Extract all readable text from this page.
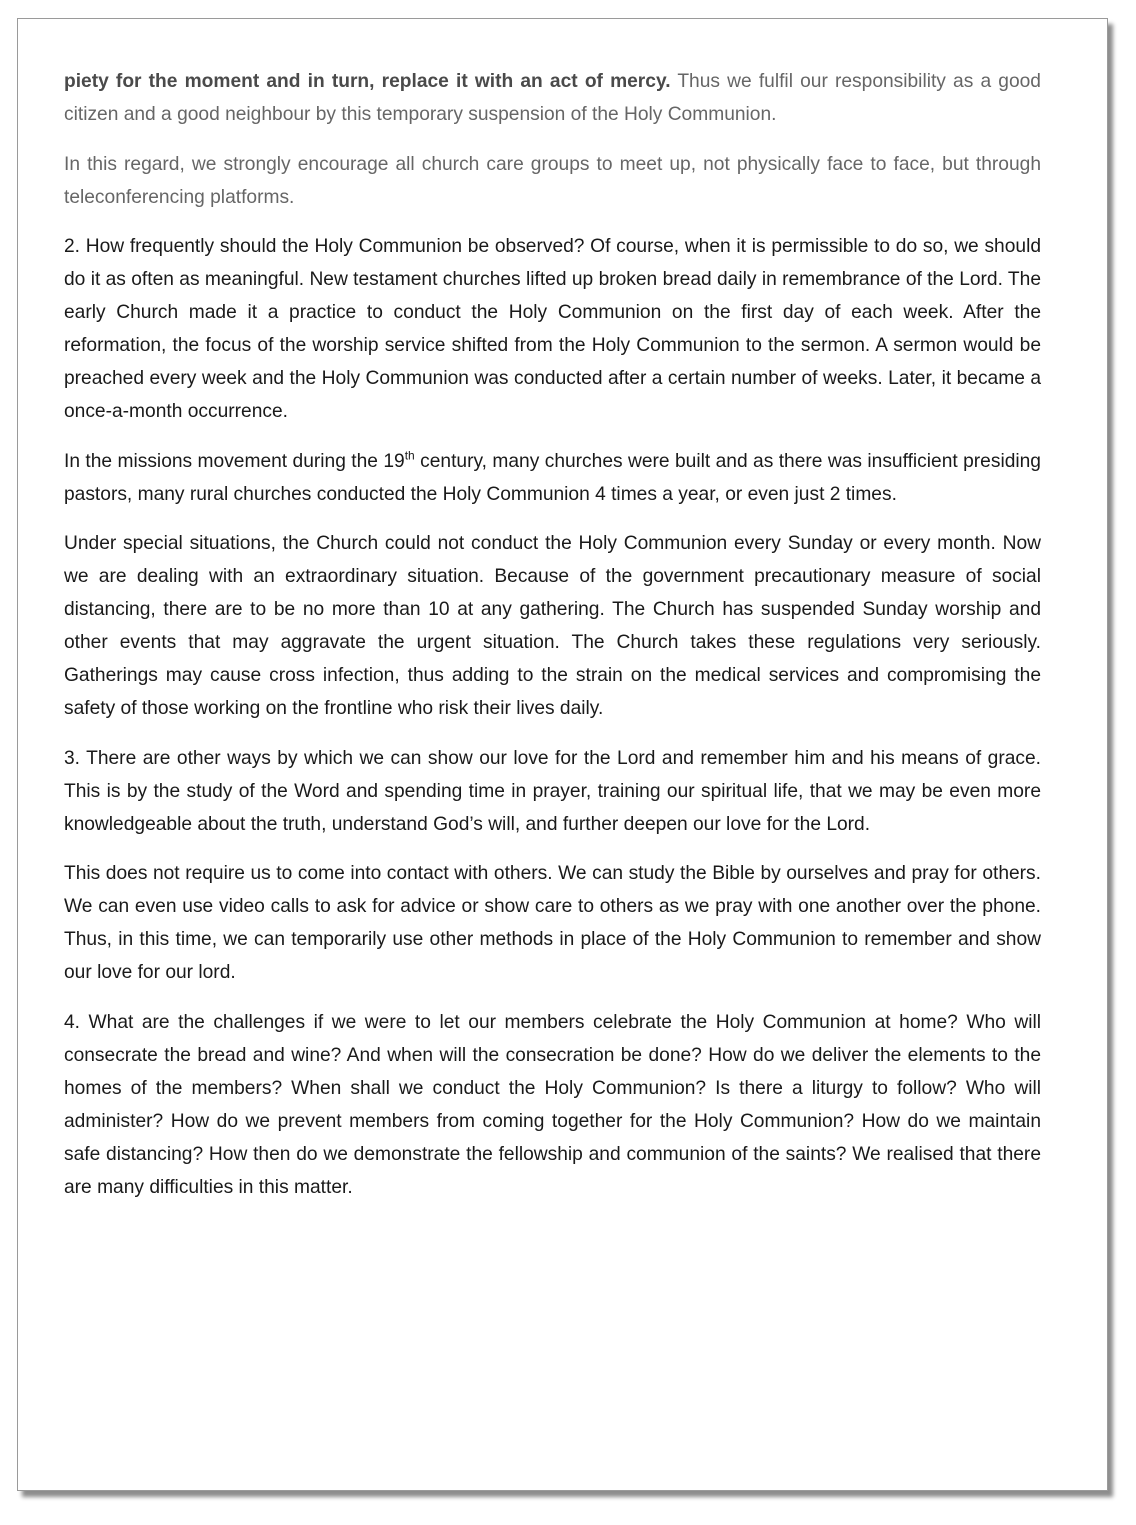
piety for the moment and in turn, replace it with an act of mercy. Thus we fulfil our responsibility as a good citizen and a good neighbour by this temporary suspension of the Holy Communion.

In this regard, we strongly encourage all church care groups to meet up, not physically face to face, but through teleconferencing platforms.

2. How frequently should the Holy Communion be observed? Of course, when it is permissible to do so, we should do it as often as meaningful. New testament churches lifted up broken bread daily in remembrance of the Lord. The early Church made it a practice to conduct the Holy Communion on the first day of each week. After the reformation, the focus of the worship service shifted from the Holy Communion to the sermon. A sermon would be preached every week and the Holy Communion was conducted after a certain number of weeks. Later, it became a once-a-month occurrence.

In the missions movement during the 19th century, many churches were built and as there was insufficient presiding pastors, many rural churches conducted the Holy Communion 4 times a year, or even just 2 times.

Under special situations, the Church could not conduct the Holy Communion every Sunday or every month. Now we are dealing with an extraordinary situation. Because of the government precautionary measure of social distancing, there are to be no more than 10 at any gathering. The Church has suspended Sunday worship and other events that may aggravate the urgent situation. The Church takes these regulations very seriously. Gatherings may cause cross infection, thus adding to the strain on the medical services and compromising the safety of those working on the frontline who risk their lives daily.

3. There are other ways by which we can show our love for the Lord and remember him and his means of grace. This is by the study of the Word and spending time in prayer, training our spiritual life, that we may be even more knowledgeable about the truth, understand God’s will, and further deepen our love for the Lord.

This does not require us to come into contact with others. We can study the Bible by ourselves and pray for others. We can even use video calls to ask for advice or show care to others as we pray with one another over the phone. Thus, in this time, we can temporarily use other methods in place of the Holy Communion to remember and show our love for our lord.

4. What are the challenges if we were to let our members celebrate the Holy Communion at home? Who will consecrate the bread and wine? And when will the consecration be done? How do we deliver the elements to the homes of the members? When shall we conduct the Holy Communion? Is there a liturgy to follow? Who will administer? How do we prevent members from coming together for the Holy Communion? How do we maintain safe distancing? How then do we demonstrate the fellowship and communion of the saints? We realised that there are many difficulties in this matter.
